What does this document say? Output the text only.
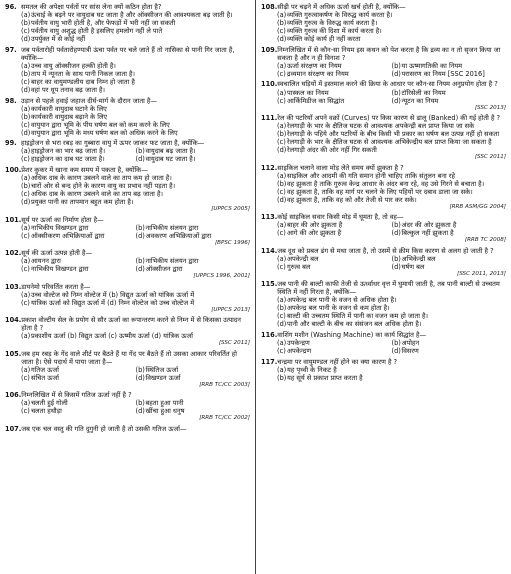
96. समतल की अपेक्षा पर्वतों पर सांस लेना क्यों कठिन होता है?
(a) ऊंचाई के बढ़ने पर वायुदाब घट जाता है और ऑक्सीजन की आवश्यकता बढ़ जाती है।
(b) पर्वतीय वायु भारी होती है, और फेफड़ों में भरी नहीं जा सकती
(c) पर्वतीय वायु अशुद्ध होती है इसलिए हमलोग नहीं ले पाते
(d) उपर्युक्त में से कोई नहीं
97. जब पर्वतारोही पर्वतारोहण्यात्री ऊंचा पर्वत पर चले जाते हैं तो नासिका से पानी गिर जाता है, क्योंकि—
(a) उच्च वायु ऑक्सीजन हल्की होती है।
(b) ताप में न्यूनता के साथ पानी निकल जाता है।
(c) बाहर का वायुमण्डलीय दाब निम्न हो जाता है
(d) वहां पर धूप तनाव बढ़ जाता है।
98. उड़ान से पहले हवाई जहाज दीर्घ-मार्ग के दौरान जाता है—
(a) कार्यकारी वायुदाब घटाने के लिए
(b) कार्यकारी वायुदाब बढ़ाने के लिए
(c) वायुयान द्वारा भूमि के पीय घर्षण बल को कम करने के लिए
(d) वायुयान द्वारा भूमि के मध्य घर्षण बल को अधिक करने के लिए
99. हाइड्रोजन से भरा रबड़ का गुब्बारा वायु में ऊपर जाकर फट जाता है, क्योंकि—
(a) हाइड्रोजन का भार बढ़ जाता है।	(b) वायुदाब बढ़ जाता है।
(c) हाइड्रोजन का दाब घट जाता है।	(d) वायुदाब घट जाता है।
100. प्रेशर कुकर में खाना कम समय में पकता है, क्योंकि—
(a) अधिक दाब के कारण उबलने वाले का ताप कम हो जाता है।
(b) चारों ओर से बन्द होने के कारण वायु का प्रभाव नहीं पड़ता है।
(c) अधिक दाब के कारण उबलने वाले का ताप बढ़ जाता है।
(d) प्रयुक्त पानी का तापमान बहुत कम होता है।
[UPPCS 2005]
101. सूर्य पर ऊर्जा का निर्माण होता है—
(a) नाभिकीय विखण्डन द्वारा	(b) नाभिकीय संलयन द्वारा
(c) ऑक्सीकरण अभिक्रियाओं द्वारा	(d) अवकरण अभिक्रियाओं द्वारा
[BPSC 1996]
102. सूर्य की ऊर्जा उत्पन्न होती है—
(a) आयनन द्वारा	(b) नाभिकीय संलयन द्वारा
(c) नाभिकीय विखण्डन द्वारा	(d) ऑक्सीजन द्वारा
[UPPCS 1996, 2001]
103. डायनेमो परिवर्तित करता है—
(a) उच्च वोल्टेज को निम्न वोल्टेज में (b) विद्युत ऊर्जा को यांत्रिक ऊर्जा में
(c) यांत्रिक ऊर्जा को विद्युत ऊर्जा में (d) निम्न वोल्टेज को उच्च वोल्टेज में
[UPPCS 2013]
104. प्रकाश वोल्टीय सेल के प्रयोग से सौर ऊर्जा का रूपान्तरण करने से निम्न में से किसका उत्पादन होता है ?
(a) प्रकाशीय ऊर्जा (b) विद्युत ऊर्जा (c) ऊष्मीय ऊर्जा (d) यांत्रिक ऊर्जा
[SSC 2011]
105. जब हम रबड़ के गेंद वाले शीर्ट पर बैठते हैं या गेंद पर बैठते हैं तो उसका आकार परिवर्तित हो जाता है। ऐसे पदार्थ में पाया जाता है—
(a) गतिज ऊर्जा	(b) स्थितिज ऊर्जा
(c) संचित ऊर्जा	(d) विखण्डन ऊर्जा
[RRB TC/CC 2003]
106. निम्नलिखित में से किसमें गतिज ऊर्जा नहीं है ?
(a) चलती हुई गोली	(b) बहता हुआ पानी
(c) चलता हथौड़ा	(d) खींचा हुआ धनुष
[RRB TC/CC 2002]
107. जब एक चल वस्तु की गति दुगुनी हो जाती है तो उसकी गतिज ऊर्जा—
108. सीढ़ी पर चढ़ने में अधिक ऊर्जा खर्च होती है, क्योंकि—
(a) व्यक्ति गुरुत्वाकर्षण के विरुद्ध कार्य करता है।
(b) व्यक्ति गुरुत्व के विरुद्ध कार्य करता है।
(c) व्यक्ति गुरुत्व की दिशा में कार्य करता है।
(d) व्यक्ति कोई कार्य ही नहीं करता
109. निम्नलिखित में से कौन-सा नियम इस कथन को पेश करता है कि द्रव्य का न तो सृजन किया जा सकता है और न ही विनाश ?
(a) ऊर्जा संरक्षण का नियम	(b) या ऊष्मागतिकी का नियम
(c) द्रव्यमान संरक्षण का नियम	(d) परासरण का नियम [SSC 2016]
110. स्वचालित घड़ियों में इस्तमाल करने की क्रिया के आधार पर कौन-सा नियम अनुप्रयोग होता है ?
(a) पास्कल का नियम	(b) टॉरिसेली का नियम
(c) आर्किमिडीज का सिद्धांत	(d) न्यूटन का नियम
[SSC 2013]
111. रेल की पटरियाँ अपने वक्रों (Curves) पर किस कारण से ढालू (Banked) की गई होती है ?
(a) रेलगाड़ी के भार के क्षैतिज घटक से आवश्यक अपकेन्द्री बल प्राप्त किया जा सके
(b) रेलगाड़ी के पहिये और पटरियों के बीच किसी भी प्रकार का घर्षण बल उत्पन्न नहीं हो सकता
(c) रेलगाड़ी के भार के क्षैतिज घटक से आवश्यक अभिकेन्द्रीय बल प्राप्त किया जा सकता है
(d) रेलगाड़ी अंदर की ओर नहीं गिर सकती
[SSC 2011]
112. साइकिल चलाने वाला मोड़ लेते समय क्यों झुकता है ?
(a) साइकिल और आदमी की गति समान होनी चाहिए ताकि संतुलन बना रहे
(b) वह झुकता है ताकि गुरुत्व केन्द्र आधार के अंदर बना रहे, वह उसे गिरने से बचाता है।
(c) वह झुकता है, ताकि वह मार्ग पर चलने के लिए पहियों पर दबाव डाला जा सके।
(d) वह झुकता है, ताकि वह को और तेजी से पार कर सके।
[RRB ASM/GG 2004]
113. कोई साइकिल सवार किसी मोड़ में घूमता है, तो वह—
(a) बाहर की ओर झुकता है	(b) अंदर की ओर झुकता है
(c) आगे की ओर झुकता है	(d) बिल्कुल नहीं झुकता है
[RRB TC 2008]
114. जब दूध को प्रबल ढंग से मथा जाता है, तो उसमें से क्रीम किस कारण से अलग हो जाती है ?
(a) अपकेन्द्री बल	(b) अभिकेन्द्री बल
(c) गुरुत्व बल	(d) घर्षण बल
[SSC 2011, 2013]
115. जब पानी की बाल्टी काफी तेजी से ऊर्ध्वाधर वृत्त में घुमायी जाती है, तब पानी बाल्टी से उच्चतम स्थिति में नहीं गिरता है, क्योंकि—
(a) अपकेन्द्र बल पानी के वजन से अधिक होता है।
(b) अपकेन्द्र बल पानी के वजन से कम होता है।
(c) बाल्टी की उच्चतम स्थिति में पानी का वजन कम हो जाता है।
(d) पानी और बाल्टी के बीच का संसंजन बल अधिक होता है।
116. वाशिंग मशीन (Washing Machine) का कार्य सिद्धांत है—
(a) उपकेन्द्रण	(b) अपोहन
(c) अपकेन्द्रण	(d) विसरण
117. चन्द्रमा पर वायुमण्डल नहीं होने का क्या कारण है ?
(a) यह पृथ्वी के निकट है
(b) यह सूर्य से प्रकाश प्राप्त करता है
